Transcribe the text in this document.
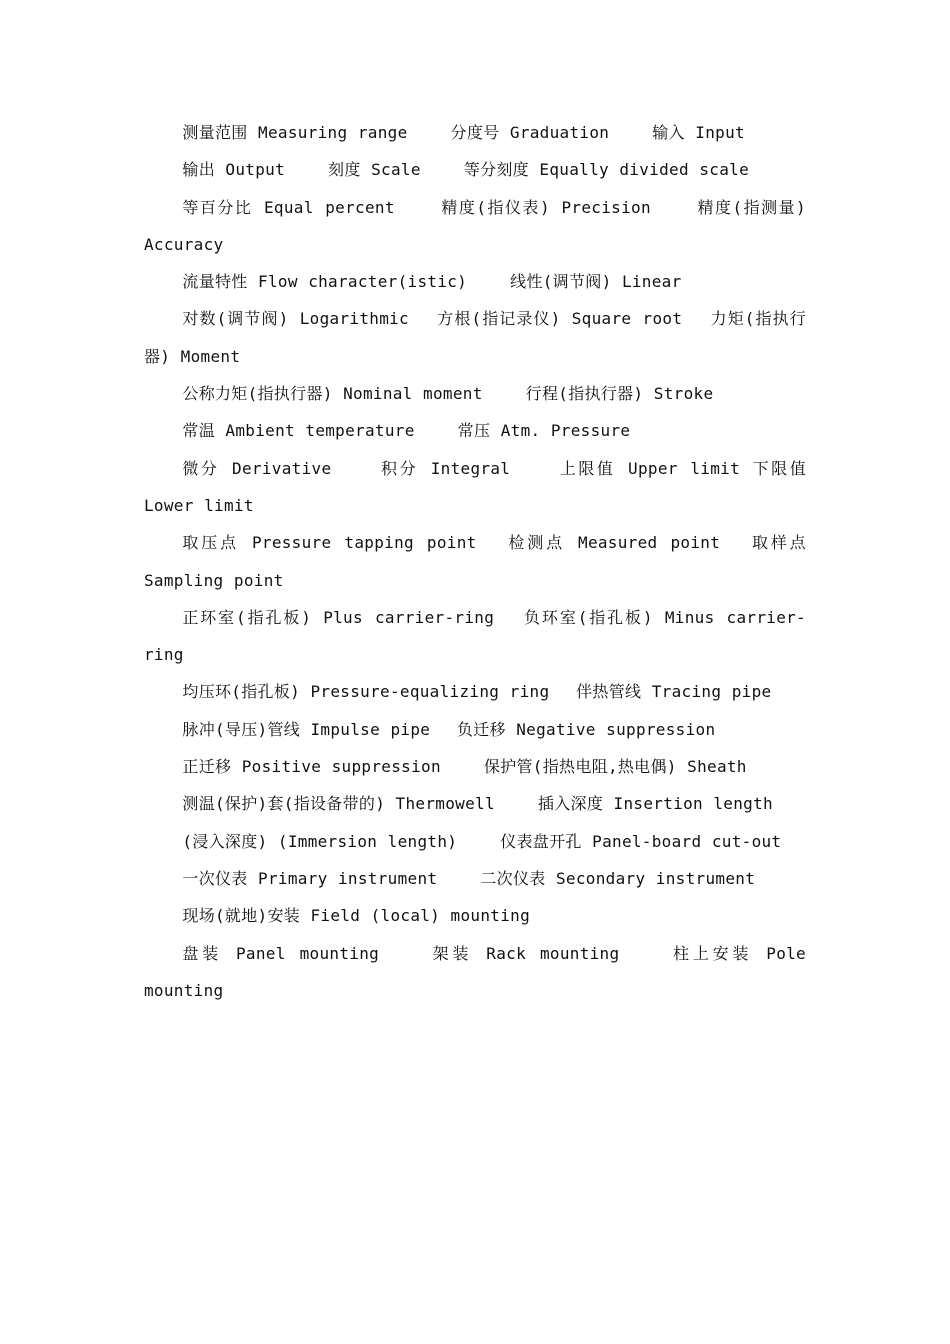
测量范围 Measuring range 　　分度号 Graduation 　　输入 Input

输出 Output 　　刻度 Scale 　　等分刻度 Equally divided scale

等百分比 Equal percent 　　精度(指仪表) Precision 　　精度(指测量) Accuracy

流量特性 Flow character(istic) 　　线性(调节阀) Linear

对数(调节阀) Logarithmic 　方根(指记录仪) Square root 　力矩(指执行器) Moment

公称力矩(指执行器) Nominal moment 　　行程(指执行器) Stroke

常温 Ambient temperature 　　常压 Atm. Pressure

微分 Derivative 　　积分 Integral 　　上限值 Upper limit 下限值 Lower limit

取压点 Pressure tapping point 　检测点 Measured point 　取样点 Sampling point

正环室(指孔板) Plus carrier-ring 　负环室(指孔板) Minus carrier-ring

均压环(指孔板) Pressure-equalizing ring 　伴热管线 Tracing pipe

脉冲(导压)管线 Impulse pipe 　负迁移 Negative suppression

正迁移 Positive suppression 　　保护管(指热电阻,热电偶) Sheath

测温(保护)套(指设备带的) Thermowell 　　插入深度 Insertion length

(浸入深度) (Immersion length) 　　仪表盘开孔 Panel-board cut-out

一次仪表 Primary instrument 　　二次仪表 Secondary instrument

现场(就地)安装 Field (local) mounting

盘装 Panel mounting 　　架装 Rack mounting 　　柱上安装 Pole mounting
